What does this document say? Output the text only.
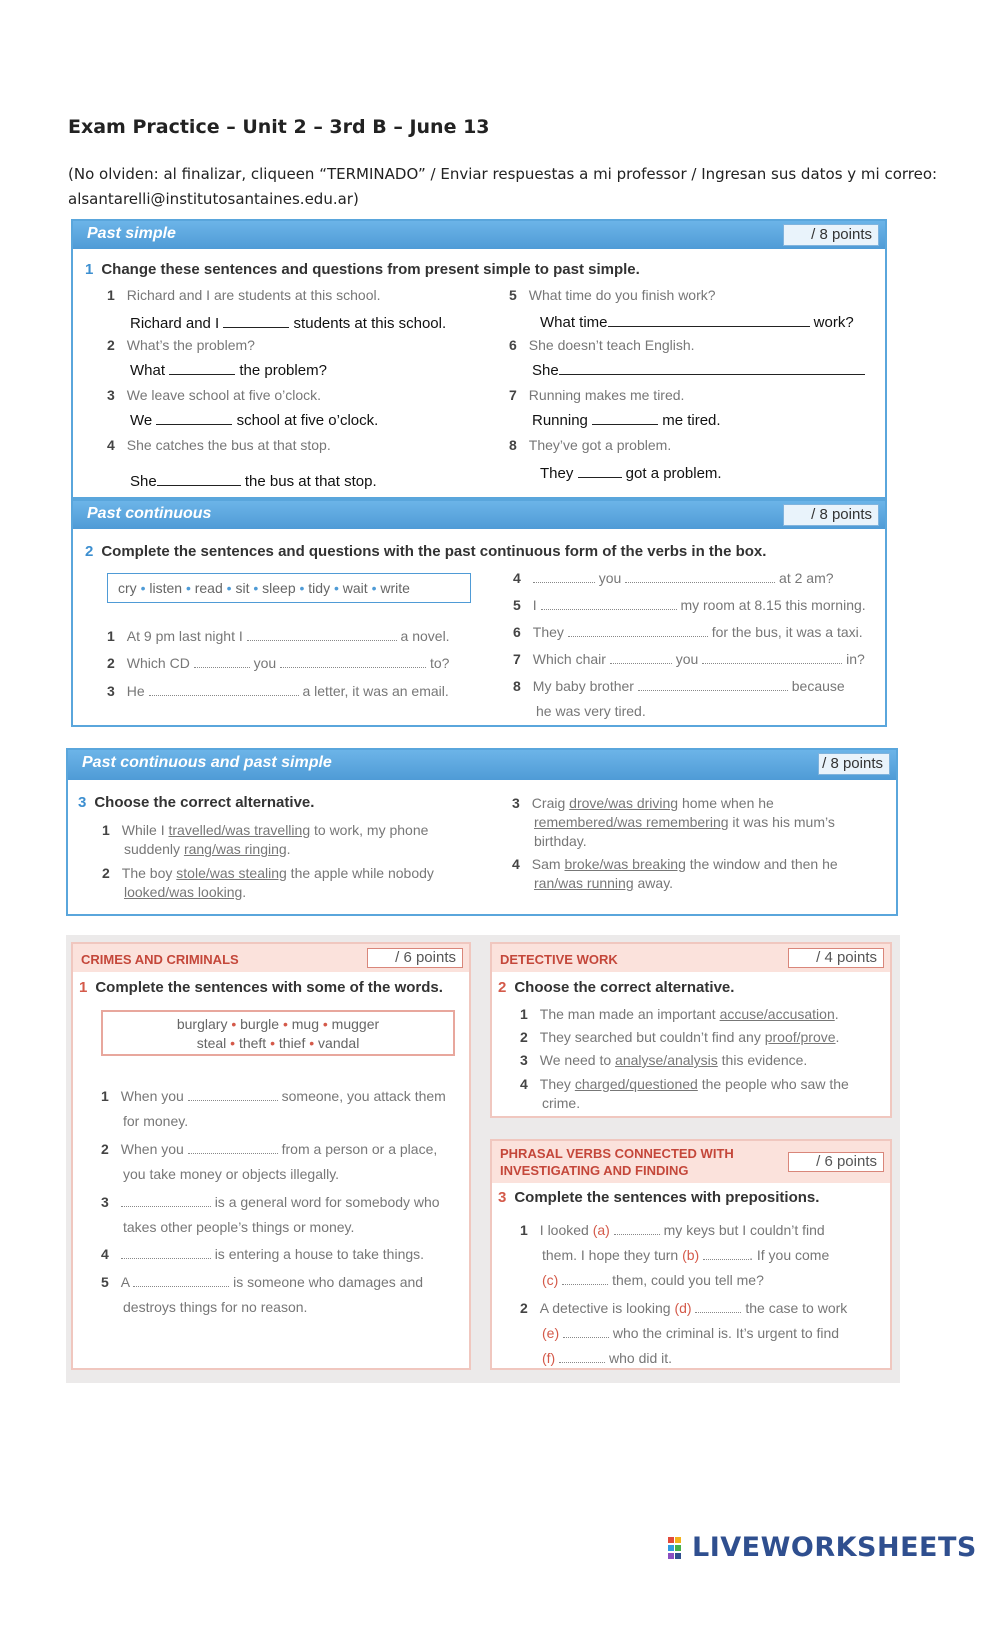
Exam Practice – Unit 2 – 3rd B – June 13
(No olviden: al finalizar, cliqueen “TERMINADO” / Enviar respuestas a mi professor / Ingresan sus datos y mi correo: alsantarelli@institutosantaines.edu.ar)
Past simple	/ 8 points
1 Change these sentences and questions from present simple to past simple.
1 Richard and I are students at this school.
Richard and I	students at this school.
2 What’s the problem?
What	the problem?
3 We leave school at five o’clock.
We	school at five o’clock.
4 She catches the bus at that stop.
She	the bus at that stop.
5 What time do you finish work?
What time	work?
6 She doesn’t teach English.
She
7 Running makes me tired.
Running	me tired.
8 They’ve got a problem.
They	got a problem.
Past continuous	/ 8 points
2 Complete the sentences and questions with the past continuous form of the verbs in the box.
cry • listen • read • sit • sleep • tidy • wait • write
1 At 9 pm last night I	a novel.
2 Which CD	you	to?
3 He	a letter, it was an email.
4	you	at 2 am?
5 I	my room at 8.15 this morning.
6 They	for the bus, it was a taxi.
7 Which chair	you	in?
8 My baby brother	because
he was very tired.
Past continuous and past simple	/ 8 points
3 Choose the correct alternative.
1 While I travelled/was travelling to work, my phone
suddenly rang/was ringing.
2 The boy stole/was stealing the apple while nobody
looked/was looking.
3 Craig drove/was driving home when he
remembered/was remembering it was his mum’s
birthday.
4 Sam broke/was breaking the window and then he
ran/was running away.
CRIMES AND CRIMINALS	/ 6 points
1 Complete the sentences with some of the words.
burglary • burgle • mug • mugger
steal • theft • thief • vandal
1 When you	someone, you attack them
for money.
2 When you	from a person or a place,
you take money or objects illegally.
3	is a general word for somebody who
takes other people’s things or money.
4	is entering a house to take things.
5 A	is someone who damages and
destroys things for no reason.
DETECTIVE WORK	/ 4 points
2 Choose the correct alternative.
1 The man made an important accuse/accusation.
2 They searched but couldn’t find any proof/prove.
3 We need to analyse/analysis this evidence.
4 They charged/questioned the people who saw the
crime.
PHRASAL VERBS CONNECTED WITH
INVESTIGATING AND FINDING
/ 6 points
3 Complete the sentences with prepositions.
1 I looked (a)	my keys but I couldn’t find
them. I hope they turn (b)	. If you come
(c)	them, could you tell me?
2 A detective is looking (d)	the case to work
(e)	who the criminal is. It’s urgent to find
(f)	who did it.
LIVEWORKSHEETS
